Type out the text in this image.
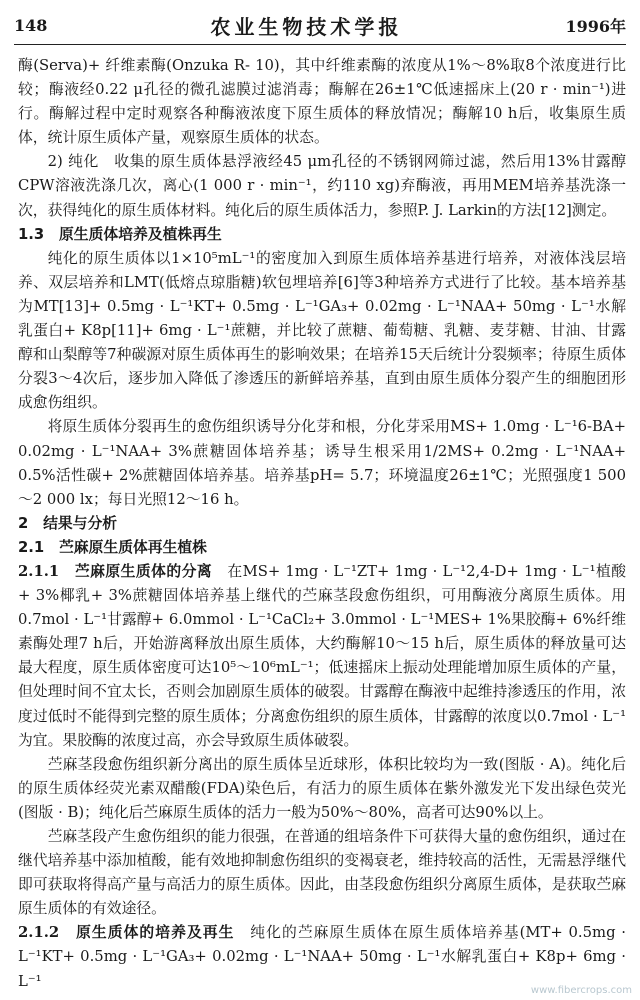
148	农业生物技术学报	1996年

酶(Serva)+ 纤维素酶(Onzuka R- 10)，其中纤维素酶的浓度从1%～8%取8个浓度进行比较；酶液经0.22 μ孔径的微孔滤膜过滤消毒；酶解在26±1℃低速摇床上(20 r · min⁻¹)进行。酶解过程中定时观察各种酶液浓度下原生质体的释放情况；酶解10 h后，收集原生质体，统计原生质体产量，观察原生质体的状态。

2) 纯化　收集的原生质体悬浮液经45 μm孔径的不锈钢网筛过滤，然后用13%甘露醇CPW溶液洗涤几次，离心(1 000 r · min⁻¹，约110 xg)弃酶液，再用MEM培养基洗涤一次，获得纯化的原生质体材料。纯化后的原生质体活力，参照P. J. Larkin的方法[12]测定。

1.3　原生质体培养及植株再生

纯化的原生质体以1×10⁵mL⁻¹的密度加入到原生质体培养基进行培养，对液体浅层培养、双层培养和LMT(低熔点琼脂糖)软包埋培养[6]等3种培养方式进行了比较。基本培养基为MT[13]+ 0.5mg · L⁻¹KT+ 0.5mg · L⁻¹GA₃+ 0.02mg · L⁻¹NAA+ 50mg · L⁻¹水解乳蛋白+ K8p[11]+ 6mg · L⁻¹蔗糖，并比较了蔗糖、葡萄糖、乳糖、麦芽糖、甘油、甘露醇和山梨醇等7种碳源对原生质体再生的影响效果；在培养15天后统计分裂频率；待原生质体分裂3～4次后，逐步加入降低了渗透压的新鲜培养基，直到由原生质体分裂产生的细胞团形成愈伤组织。

将原生质体分裂再生的愈伤组织诱导分化芽和根，分化芽采用MS+ 1.0mg · L⁻¹6-BA+ 0.02mg · L⁻¹NAA+ 3%蔗糖固体培养基；诱导生根采用1/2MS+ 0.2mg · L⁻¹NAA+ 0.5%活性碳+ 2%蔗糖固体培养基。培养基pH= 5.7；环境温度26±1℃；光照强度1 500～2 000 lx；每日光照12～16 h。

2　结果与分析

2.1　苎麻原生质体再生植株

2.1.1　苎麻原生质体的分离　在MS+ 1mg · L⁻¹ZT+ 1mg · L⁻¹2,4-D+ 1mg · L⁻¹植酸+ 3%椰乳+ 3%蔗糖固体培养基上继代的苎麻茎段愈伤组织，可用酶液分离原生质体。用0.7mol · L⁻¹甘露醇+ 6.0mmol · L⁻¹CaCl₂+ 3.0mmol · L⁻¹MES+ 1%果胶酶+ 6%纤维素酶处理7 h后，开始游离释放出原生质体，大约酶解10～15 h后，原生质体的释放量可达最大程度，原生质体密度可达10⁵～10⁶mL⁻¹；低速摇床上振动处理能增加原生质体的产量，但处理时间不宜太长，否则会加剧原生质体的破裂。甘露醇在酶液中起维持渗透压的作用，浓度过低时不能得到完整的原生质体；分离愈伤组织的原生质体，甘露醇的浓度以0.7mol · L⁻¹为宜。果胶酶的浓度过高，亦会导致原生质体破裂。

苎麻茎段愈伤组织新分离出的原生质体呈近球形，体积比较均为一致(图版 · A)。纯化后的原生质体经荧光素双醋酸(FDA)染色后，有活力的原生质体在紫外激发光下发出绿色荧光(图版 · B)；纯化后苎麻原生质体的活力一般为50%～80%，高者可达90%以上。

苎麻茎段产生愈伤组织的能力很强，在普通的组培条件下可获得大量的愈伤组织，通过在继代培养基中添加植酸，能有效地抑制愈伤组织的变褐衰老，维持较高的活性，无需悬浮继代即可获取将得高产量与高活力的原生质体。因此，由茎段愈伤组织分离原生质体，是获取苎麻原生质体的有效途径。

2.1.2　原生质体的培养及再生　纯化的苎麻原生质体在原生质体培养基(MT+ 0.5mg · L⁻¹KT+ 0.5mg · L⁻¹GA₃+ 0.02mg · L⁻¹NAA+ 50mg · L⁻¹水解乳蛋白+ K8p+ 6mg · L⁻¹

www.fibercrops.com
